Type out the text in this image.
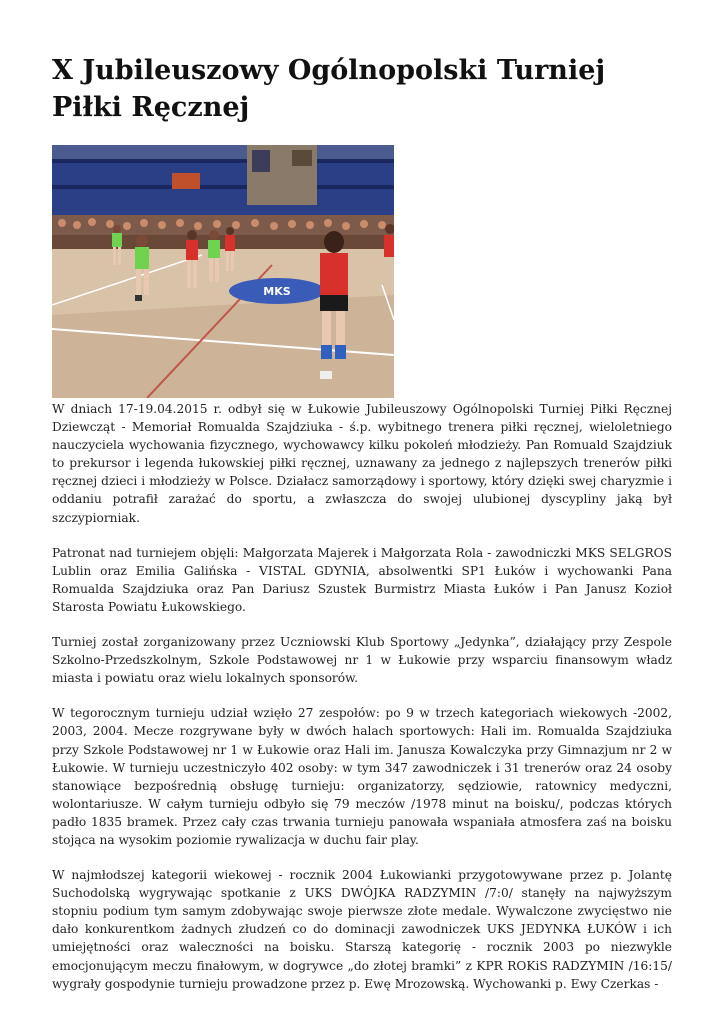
X Jubileuszowy Ogólnopolski Turniej Piłki Ręcznej
MKS

W dniach 17-19.04.2015 r. odbył się w Łukowie Jubileuszowy Ogólnopolski Turniej Piłki Ręcznej Dziewcząt - Memoriał Romualda Szajdziuka - ś.p. wybitnego trenera piłki ręcznej, wieloletniego nauczyciela wychowania fizycznego, wychowawcy kilku pokoleń młodzieży. Pan Romuald Szajdziuk to prekursor i legenda łukowskiej piłki ręcznej, uznawany za jednego z najlepszych trenerów piłki ręcznej dzieci i młodzieży w Polsce. Działacz samorządowy i sportowy, który dzięki swej charyzmie i oddaniu potrafił zarażać do sportu, a zwłaszcza do swojej ulubionej dyscypliny jaką był szczypiorniak.

Patronat nad turniejem objęli: Małgorzata Majerek i Małgorzata Rola - zawodniczki MKS SELGROS Lublin oraz Emilia Galińska - VISTAL GDYNIA, absolwentki SP1 Łuków i wychowanki Pana Romualda Szajdziuka oraz Pan Dariusz Szustek Burmistrz Miasta Łuków i Pan Janusz Kozioł Starosta Powiatu Łukowskiego.

Turniej został zorganizowany przez Uczniowski Klub Sportowy „Jedynka”, działający przy Zespole Szkolno-Przedszkolnym, Szkole Podstawowej nr 1 w Łukowie przy wsparciu finansowym władz miasta i powiatu oraz wielu lokalnych sponsorów.

W tegorocznym turnieju udział wzięło 27 zespołów: po 9 w trzech kategoriach wiekowych -2002, 2003, 2004. Mecze rozgrywane były w dwóch halach sportowych: Hali im. Romualda Szajdziuka przy Szkole Podstawowej nr 1 w Łukowie oraz Hali im. Janusza Kowalczyka przy Gimnazjum nr 2 w Łukowie. W turnieju uczestniczyło 402 osoby: w tym 347 zawodniczek i 31 trenerów oraz 24 osoby stanowiące bezpośrednią obsługę turnieju: organizatorzy, sędziowie, ratownicy medyczni, wolontariusze. W całym turnieju odbyło się 79 meczów /1978 minut na boisku/, podczas których padło 1835 bramek. Przez cały czas trwania turnieju panowała wspaniała atmosfera zaś na boisku stojąca na wysokim poziomie rywalizacja w duchu fair play.

W najmłodszej kategorii wiekowej - rocznik 2004 Łukowianki przygotowywane przez p. Jolantę Suchodolską wygrywając spotkanie z UKS DWÓJKA RADZYMIN /7:0/ stanęły na najwyższym stopniu podium tym samym zdobywając swoje pierwsze złote medale. Wywalczone zwycięstwo nie dało konkurentkom żadnych złudzeń co do dominacji zawodniczek UKS JEDYNKA ŁUKÓW i ich umiejętności oraz waleczności na boisku. Starszą kategorię - rocznik 2003 po niezwykle emocjonującym meczu finałowym, w dogrywce „do złotej bramki” z KPR ROKiS RADZYMIN /16:15/ wygrały gospodynie turnieju prowadzone przez p. Ewę Mrozowską. Wychowanki p. Ewy Czerkas -
